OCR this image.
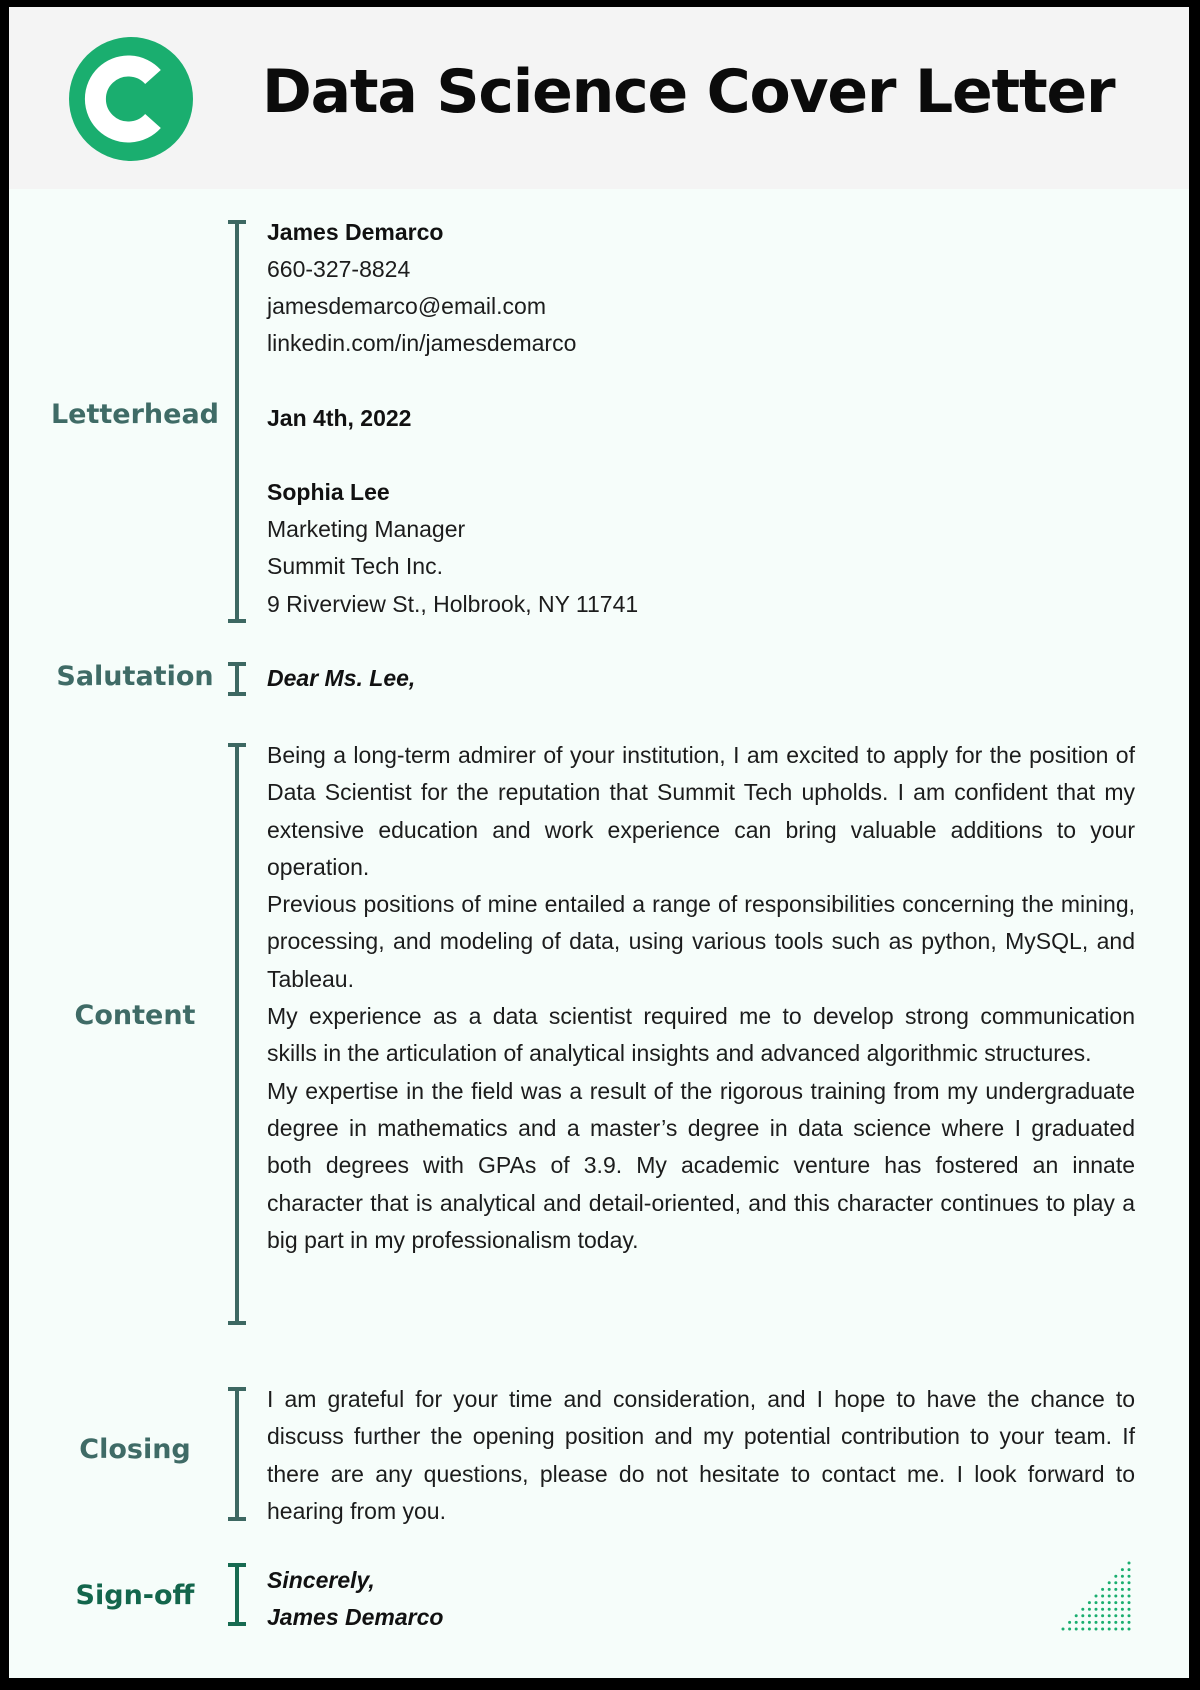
Data Science Cover Letter
Letterhead
James Demarco
660-327-8824
jamesdemarco@email.com
linkedin.com/in/jamesdemarco
Jan 4th, 2022
Sophia Lee
Marketing Manager
Summit Tech Inc.
9 Riverview St., Holbrook, NY 11741
Salutation	Dear Ms. Lee,
Content

Being a long-term admirer of your institution, I am excited to apply for the position of Data Scientist for the reputation that Summit Tech upholds. I am confident that my extensive education and work experience can bring valuable additions to your operation.

Previous positions of mine entailed a range of responsibilities concerning the mining, processing, and modeling of data, using various tools such as python, MySQL, and Tableau.

My experience as a data scientist required me to develop strong communication skills in the articulation of analytical insights and advanced algorithmic structures.

My expertise in the field was a result of the rigorous training from my undergraduate degree in mathematics and a master’s degree in data science where I graduated both degrees with GPAs of 3.9. My academic venture has fostered an innate character that is analytical and detail-oriented, and this character continues to play a big part in my professionalism today.

Closing

I am grateful for your time and consideration, and I hope to have the chance to discuss further the opening position and my potential contribution to your team. If there are any questions, please do not hesitate to contact me. I look forward to hearing from you.

Sign-off	Sincerely,
James Demarco
